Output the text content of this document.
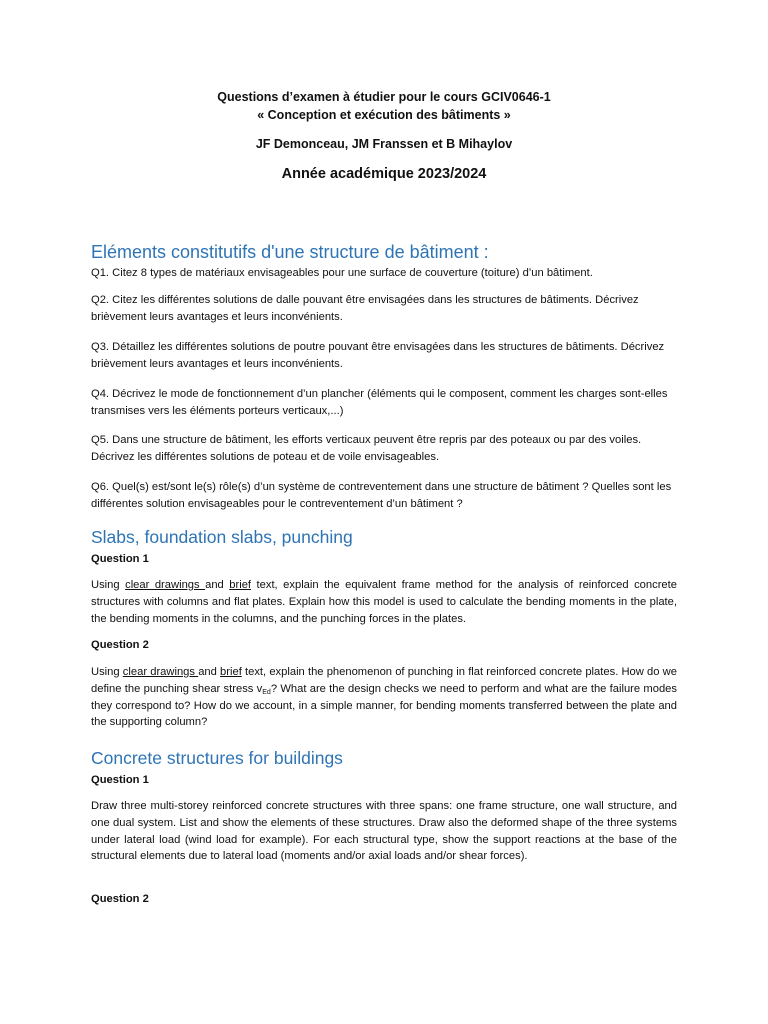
Questions d’examen à étudier pour le cours GCIV0646-1
« Conception et exécution des bâtiments »
JF Demonceau, JM Franssen et B Mihaylov
Année académique 2023/2024
Eléments constitutifs d'une structure de bâtiment :

Q1. Citez 8 types de matériaux envisageables pour une surface de couverture (toiture) d’un bâtiment.

Q2. Citez les différentes solutions de dalle pouvant être envisagées dans les structures de bâtiments. Décrivez brièvement leurs avantages et leurs inconvénients.

Q3. Détaillez les différentes solutions de poutre pouvant être envisagées dans les structures de bâtiments. Décrivez brièvement leurs avantages et leurs inconvénients.

Q4. Décrivez le mode de fonctionnement d’un plancher (éléments qui le composent, comment les charges sont-elles transmises vers les éléments porteurs verticaux,...)

Q5. Dans une structure de bâtiment, les efforts verticaux peuvent être repris par des poteaux ou par des voiles. Décrivez les différentes solutions de poteau et de voile envisageables.

Q6. Quel(s) est/sont le(s) rôle(s) d’un système de contreventement dans une structure de bâtiment ? Quelles sont les différentes solution envisageables pour le contreventement d’un bâtiment ?

Slabs, foundation slabs, punching
Question 1

Using clear drawings and brief text, explain the equivalent frame method for the analysis of reinforced concrete structures with columns and flat plates. Explain how this model is used to calculate the bending moments in the plate, the bending moments in the columns, and the punching forces in the plates.

Question 2

Using clear drawings and brief text, explain the phenomenon of punching in flat reinforced concrete plates. How do we define the punching shear stress $v_{Ed}$? What are the design checks we need to perform and what are the failure modes they correspond to? How do we account, in a simple manner, for bending moments transferred between the plate and the supporting column?

Concrete structures for buildings
Question 1

Draw three multi-storey reinforced concrete structures with three spans: one frame structure, one wall structure, and one dual system. List and show the elements of these structures. Draw also the deformed shape of the three systems under lateral load (wind load for example). For each structural type, show the support reactions at the base of the structural elements due to lateral load (moments and/or axial loads and/or shear forces).

Question 2
